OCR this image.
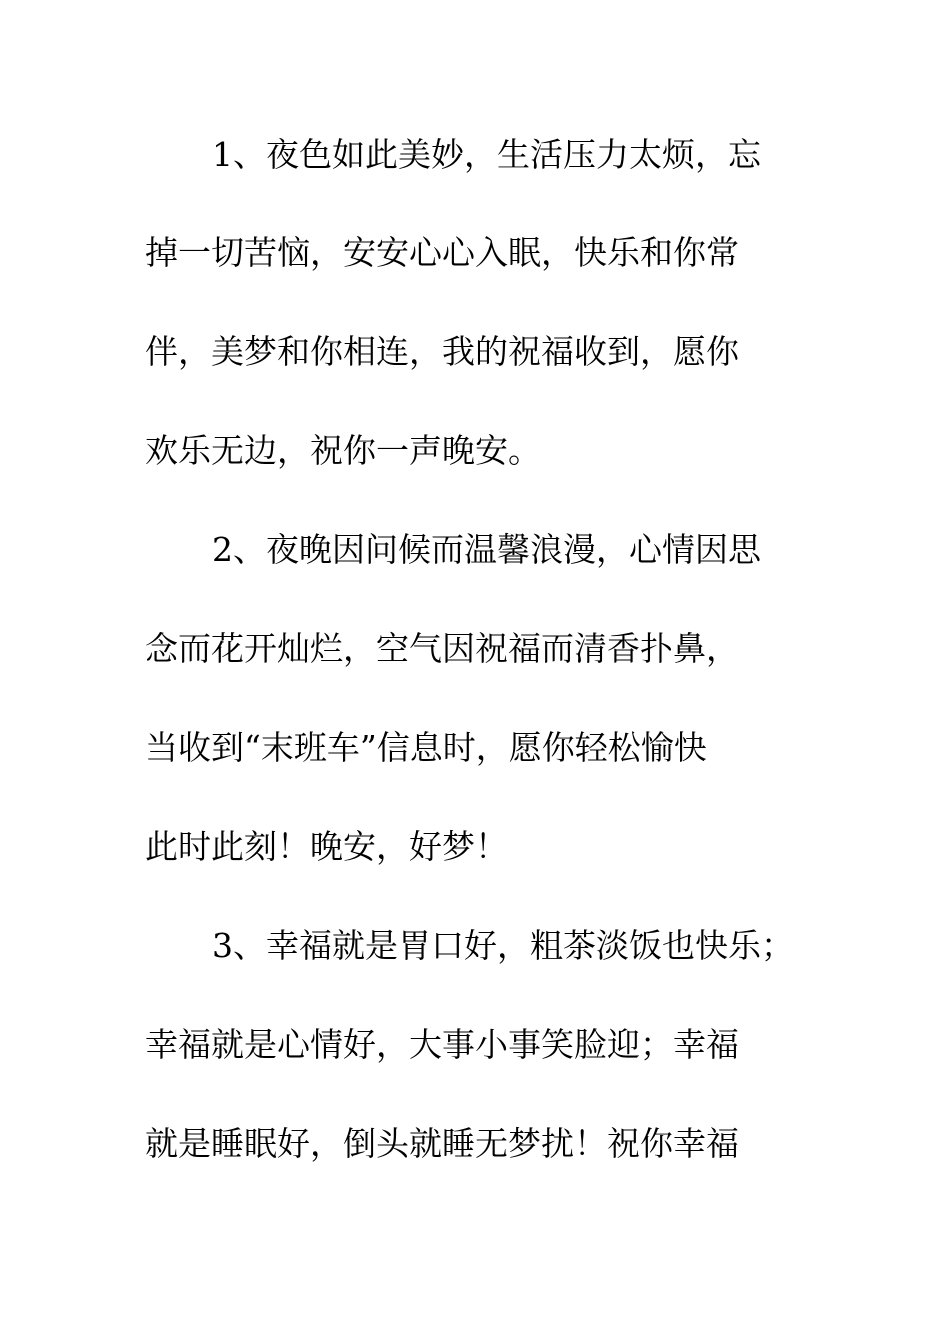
1、夜色如此美妙，生活压力太烦，忘
掉一切苦恼，安安心心入眠，快乐和你常
伴，美梦和你相连，我的祝福收到，愿你
欢乐无边，祝你一声晚安。
2、夜晚因问候而温馨浪漫，心情因思
念而花开灿烂，空气因祝福而清香扑鼻，
当收到“末班车”信息时，愿你轻松愉快
此时此刻！晚安，好梦！
3、幸福就是胃口好，粗茶淡饭也快乐；
幸福就是心情好，大事小事笑脸迎；幸福
就是睡眠好，倒头就睡无梦扰！祝你幸福
